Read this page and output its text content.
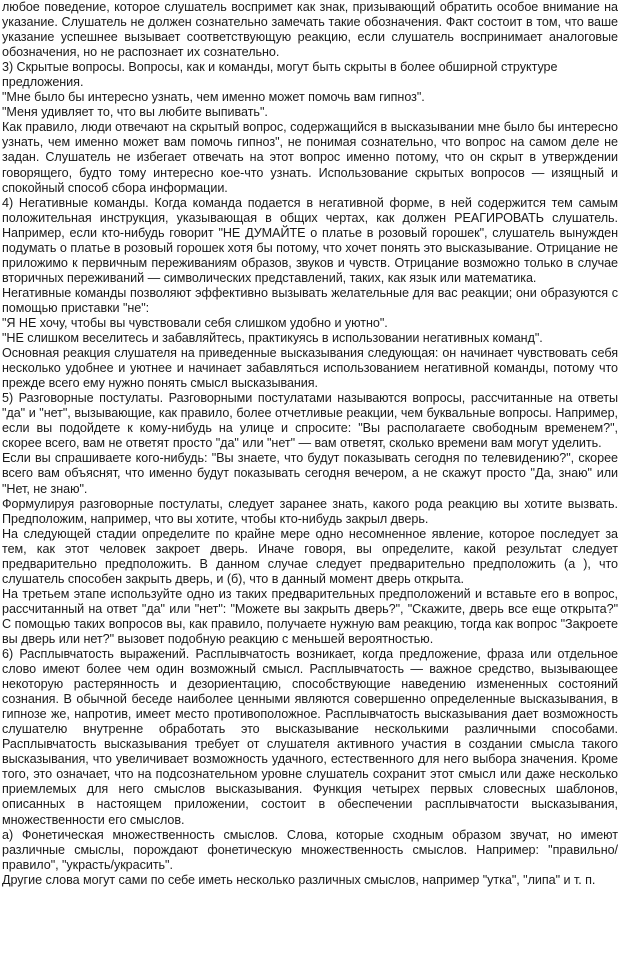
любое поведение, которое слушатель воспримет как знак, призывающий обратить особое внимание на указание. Слушатель не должен сознательно замечать такие обозначения. Факт состоит в том, что ваше указание успешнее вызывает соответствующую реакцию, если слушатель воспринимает аналоговые обозначения, но не распознает их сознательно.

3) Скрытые вопросы. Вопросы, как и команды, могут быть скрыты в более обширной структуре предложения.

"Мне было бы интересно узнать, чем именно может помочь вам гипноз".

"Меня удивляет то, что вы любите выпивать".

Как правило, люди отвечают на скрытый вопрос, содержащийся в высказывании мне было бы интересно узнать, чем именно может вам помочь гипноз", не понимая сознательно, что вопрос на самом деле не задан. Слушатель не избегает отвечать на этот вопрос именно потому, что он скрыт в утверждении говорящего, будто тому интересно кое-что узнать. Использование скрытых вопросов — изящный и спокойный способ сбора информации.

4) Негативные команды. Когда команда подается в негативной форме, в ней содержится тем самым положительная инструкция, указывающая в общих чертах, как должен РЕАГИРОВАТЬ слушатель. Например, если кто-нибудь говорит "НЕ ДУМАЙТЕ о платье в розовый горошек", слушатель вынужден подумать о платье в розовый горошек хотя бы потому, что хочет понять это высказывание. Отрицание не приложимо к первичным переживаниям образов, звуков и чувств. Отрицание возможно только в случае вторичных переживаний — символических представлений, таких, как язык или математика.

Негативные команды позволяют эффективно вызывать желательные для вас реакции; они образуются с помощью приставки "не":

"Я НЕ хочу, чтобы вы чувствовали себя слишком удобно и уютно".

"НЕ слишком веселитесь и забавляйтесь, практикуясь в использовании негативных команд".

Основная реакция слушателя на приведенные высказывания следующая: он начинает чувствовать себя несколько удобнее и уютнее и начинает забавляться использованием негативной команды, потому что прежде всего ему нужно понять смысл высказывания.

5) Разговорные постулаты. Разговорными постулатами называются вопросы, рассчитанные на ответы "да" и "нет", вызывающие, как правило, более отчетливые реакции, чем буквальные вопросы. Например, если вы подойдете к кому-нибудь на улице и спросите: "Вы располагаете свободным временем?", скорее всего, вам не ответят просто "да" или "нет" — вам ответят, сколько времени вам могут уделить.

Если вы спрашиваете кого-нибудь: "Вы знаете, что будут показывать сегодня по телевидению?", скорее всего вам объяснят, что именно будут показывать сегодня вечером, а не скажут просто "Да, знаю" или "Нет, не знаю".

Формулируя разговорные постулаты, следует заранее знать, какого рода реакцию вы хотите вызвать. Предположим, например, что вы хотите, чтобы кто-нибудь закрыл дверь.

На следующей стадии определите по крайне мере одно несомненное явление, которое последует за тем, как этот человек закроет дверь. Иначе говоря, вы определите, какой результат следует предварительно предположить. В данном случае следует предварительно предположить (а ), что слушатель способен закрыть дверь, и (б), что в данный момент дверь открыта.

На третьем этапе используйте одно из таких предварительных предположений и вставьте его в вопрос, рассчитанный на ответ "да" или "нет": "Можете вы закрыть дверь?", "Скажите, дверь все еще открыта?" С помощью таких вопросов вы, как правило, получаете нужную вам реакцию, тогда как вопрос "Закроете вы дверь или нет?" вызовет подобную реакцию с меньшей вероятностью.

6) Расплывчатость выражений. Расплывчатость возникает, когда предложение, фраза или отдельное слово имеют более чем один возможный смысл. Расплывчатость — важное средство, вызывающее некоторую растерянность и дезориентацию, способствующие наведению измененных состояний сознания. В обычной беседе наиболее ценными являются совершенно определенные высказывания, в гипнозе же, напротив, имеет место противоположное. Расплывчатость высказывания дает возможность слушателю внутренне обработать это высказывание несколькими различными способами. Расплывчатость высказывания требует от слушателя активного участия в создании смысла такого высказывания, что увеличивает возможность удачного, естественного для него выбора значения. Кроме того, это означает, что на подсознательном уровне слушатель сохранит этот смысл или даже несколько приемлемых для него смыслов высказывания. Функция четырех первых словесных шаблонов, описанных в настоящем приложении, состоит в обеспечении расплывчатости высказывания, множественности его смыслов.

а) Фонетическая множественность смыслов. Слова, которые сходным образом звучат, но имеют различные смыслы, порождают фонетическую множественность смыслов. Например: "правильно/правило", "украсть/украсить".

Другие слова могут сами по себе иметь несколько различных смыслов, например "утка", "липа" и т. п.
